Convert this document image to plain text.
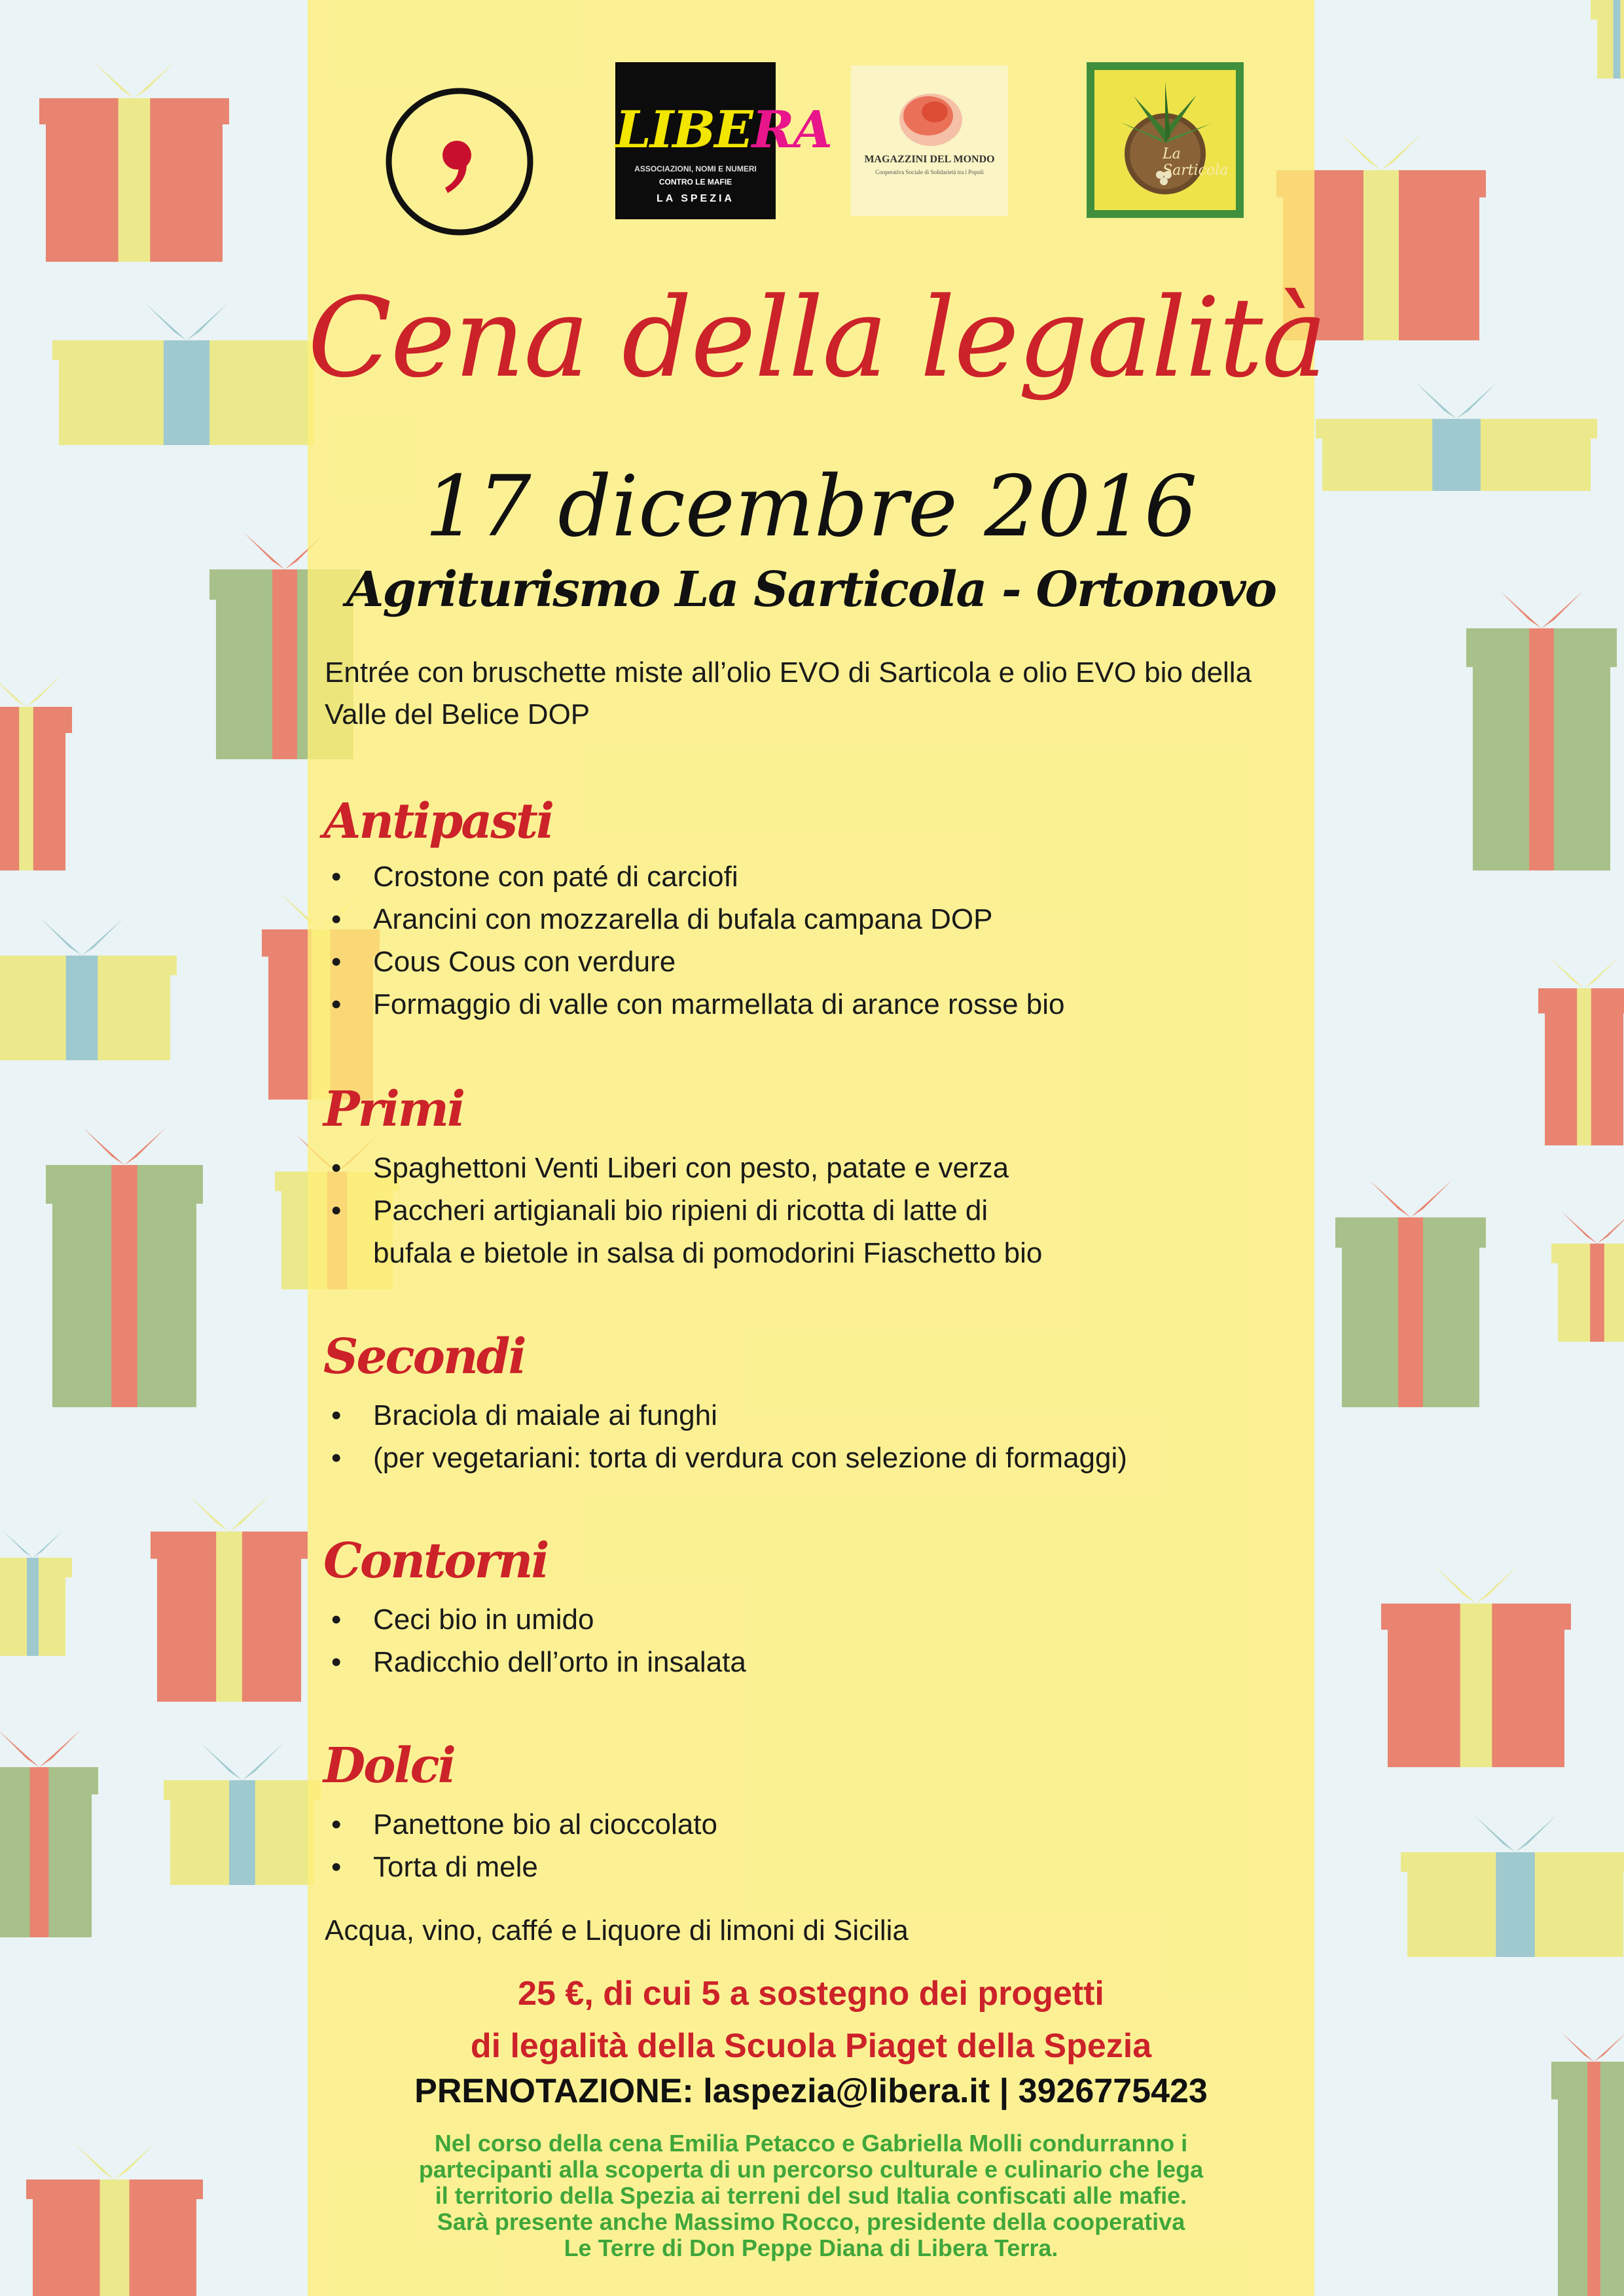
LIBERA
ASSOCIAZIONI, NOMI E NUMERI
CONTRO LE MAFIE
LA SPEZIA
MAGAZZINI DEL MONDO
Cooperativa Sociale di Solidarietà tra i Popoli
La Sarticola
Cena della legalità
17 dicembre 2016
Agriturismo La Sarticola - Ortonovo
Entrée con bruschette miste all’olio EVO di Sarticola e olio EVO bio della Valle del Belice DOP
Antipasti
• Crostone con paté di carciofi
• Arancini con mozzarella di bufala campana DOP
• Cous Cous con verdure
• Formaggio di valle con marmellata di arance rosse bio
Primi
• Spaghettoni Venti Liberi con pesto, patate e verza
• Paccheri artigianali bio ripieni di ricotta di latte di bufala e bietole in salsa di pomodorini Fiaschetto bio
Secondi
• Braciola di maiale ai funghi
• (per vegetariani: torta di verdura con selezione di formaggi)
Contorni
• Ceci bio in umido
• Radicchio dell’orto in insalata
Dolci
• Panettone bio al cioccolato
• Torta di mele
Acqua, vino, caffé e Liquore di limoni di Sicilia
25 €, di cui 5 a sostegno dei progetti
di legalità della Scuola Piaget della Spezia
PRENOTAZIONE: laspezia@libera.it | 3926775423
Nel corso della cena Emilia Petacco e Gabriella Molli condurranno i
partecipanti alla scoperta di un percorso culturale e culinario che lega
il territorio della Spezia ai terreni del sud Italia confiscati alle mafie.
Sarà presente anche Massimo Rocco, presidente della cooperativa
Le Terre di Don Peppe Diana di Libera Terra.
